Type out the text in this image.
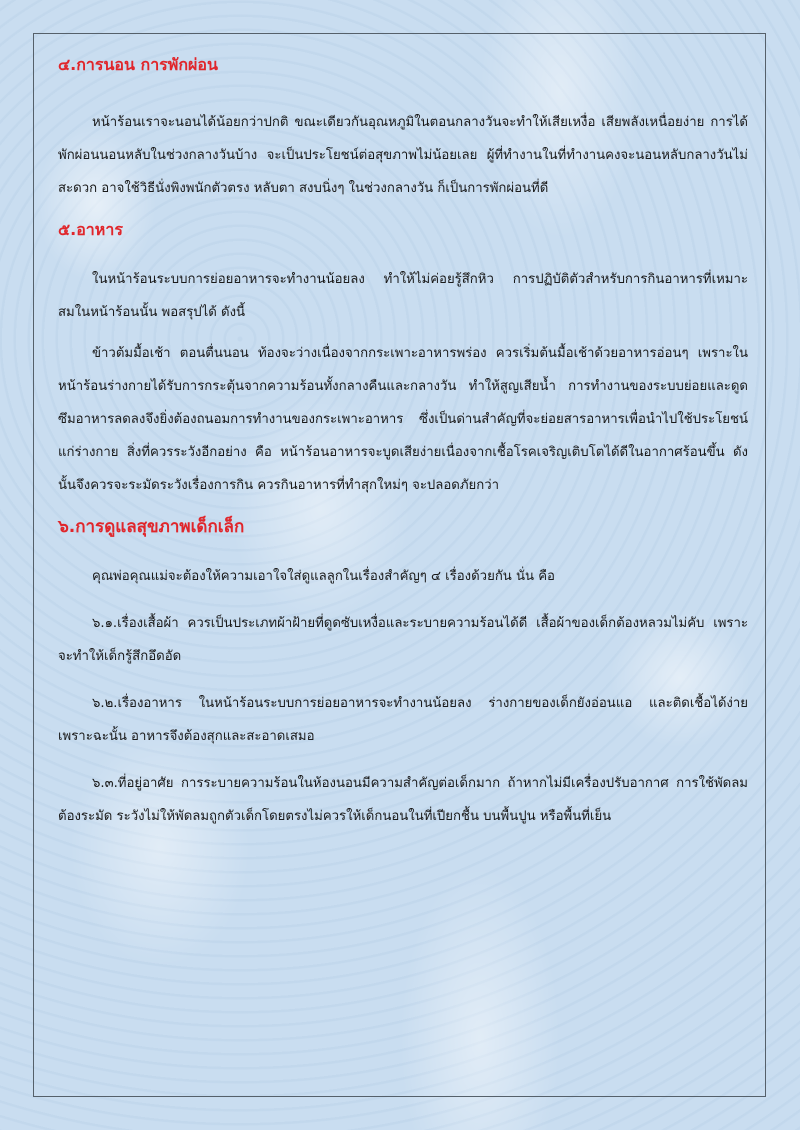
๔.การนอน การพักผ่อน

หน้าร้อนเราจะนอนได้น้อยกว่าปกติ ขณะเดียวกันอุณหภูมิในตอนกลางวันจะทำให้เสียเหงื่อ เสียพลังเหนื่อยง่าย การได้พักผ่อนนอนหลับในช่วงกลางวันบ้าง จะเป็นประโยชน์ต่อสุขภาพไม่น้อยเลย ผู้ที่ทำงานในที่ทำงานคงจะนอนหลับกลางวันไม่สะดวก อาจใช้วิธีนั่งพิงพนักตัวตรง หลับตา สงบนิ่งๆ ในช่วงกลางวัน ก็เป็นการพักผ่อนที่ดี

๕.อาหาร

ในหน้าร้อนระบบการย่อยอาหารจะทำงานน้อยลง ทำให้ไม่ค่อยรู้สึกหิว การปฏิบัติตัวสำหรับการกินอาหารที่เหมาะสมในหน้าร้อนนั้น พอสรุปได้ ดังนี้

ข้าวต้มมื้อเช้า ตอนตื่นนอน ท้องจะว่างเนื่องจากกระเพาะอาหารพร่อง ควรเริ่มต้นมื้อเช้าด้วยอาหารอ่อนๆ เพราะในหน้าร้อนร่างกายได้รับการกระตุ้นจากความร้อนทั้งกลางคืนและกลางวัน ทำให้สูญเสียน้ำ การทำงานของระบบย่อยและดูดซึมอาหารลดลงจึงยิ่งต้องถนอมการทำงานของกระเพาะอาหาร ซึ่งเป็นด่านสำคัญที่จะย่อยสารอาหารเพื่อนำไปใช้ประโยชน์แก่ร่างกาย สิ่งที่ควรระวังอีกอย่าง คือ หน้าร้อนอาหารจะบูดเสียง่ายเนื่องจากเชื้อโรคเจริญเติบโตได้ดีในอากาศร้อนขึ้น ดังนั้นจึงควรจะระมัดระวังเรื่องการกิน ควรกินอาหารที่ทำสุกใหม่ๆ จะปลอดภัยกว่า

๖.การดูแลสุขภาพเด็กเล็ก

คุณพ่อคุณแม่จะต้องให้ความเอาใจใส่ดูแลลูกในเรื่องสำคัญๆ ๔ เรื่องด้วยกัน นั่น คือ

๖.๑.เรื่องเสื้อผ้า ควรเป็นประเภทผ้าฝ้ายที่ดูดซับเหงื่อและระบายความร้อนได้ดี เสื้อผ้าของเด็กต้องหลวมไม่คับ เพราะจะทำให้เด็กรู้สึกอึดอัด

๖.๒.เรื่องอาหาร ในหน้าร้อนระบบการย่อยอาหารจะทำงานน้อยลง ร่างกายของเด็กยังอ่อนแอ และติดเชื้อได้ง่าย เพราะฉะนั้น อาหารจึงต้องสุกและสะอาดเสมอ

๖.๓.ที่อยู่อาศัย การระบายความร้อนในห้องนอนมีความสำคัญต่อเด็กมาก ถ้าหากไม่มีเครื่องปรับอากาศ การใช้พัดลมต้องระมัด ระวังไม่ให้พัดลมถูกตัวเด็กโดยตรงไม่ควรให้เด็กนอนในที่เปียกชื้น บนพื้นปูน หรือพื้นที่เย็น
